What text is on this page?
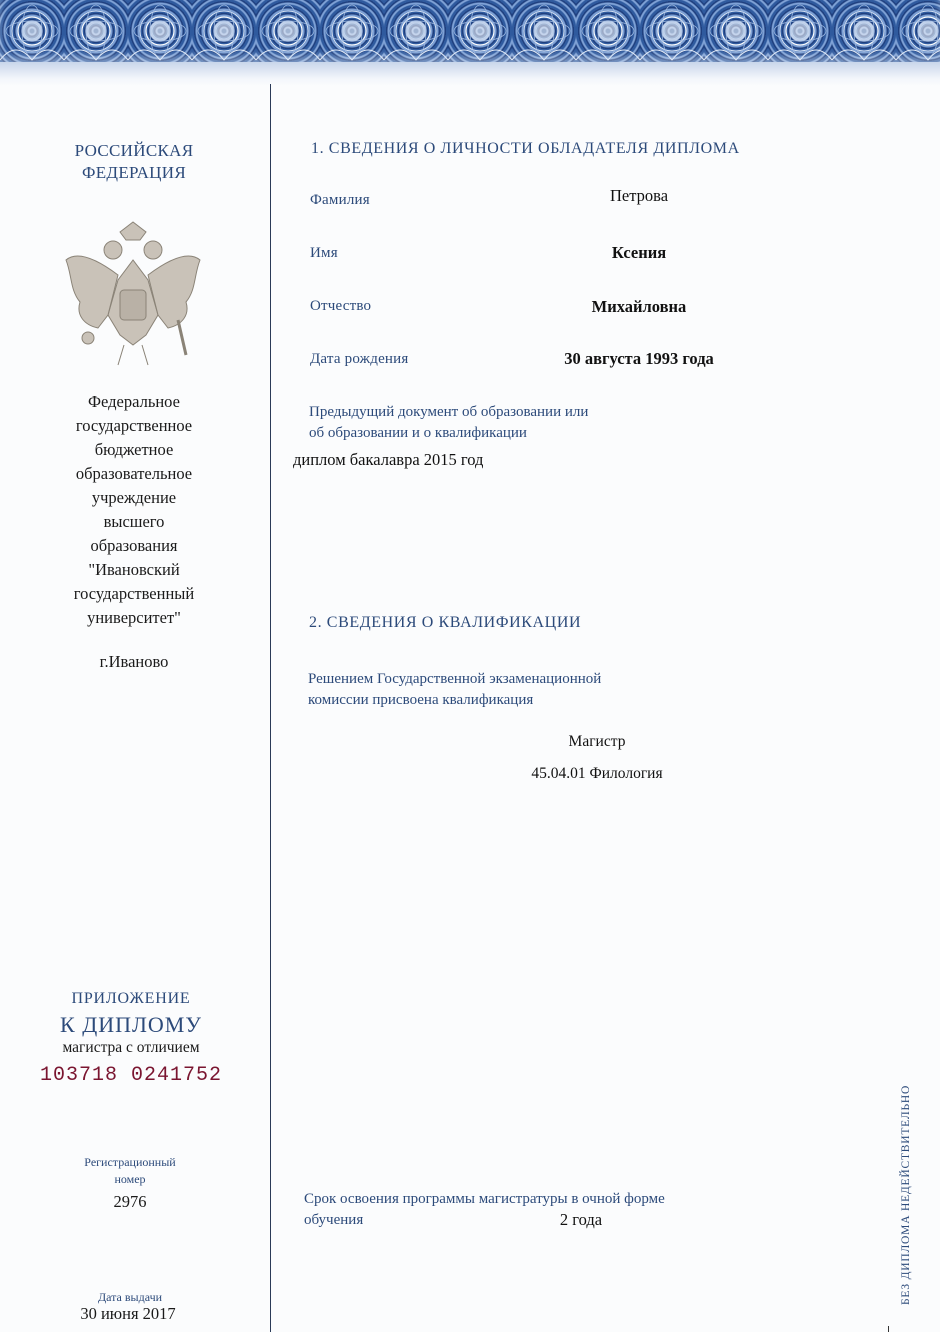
РОССИЙСКАЯ
ФЕДЕРАЦИЯ
Федеральное
государственное
бюджетное
образовательное
учреждение
высшего
образования
"Ивановский
государственный
университет"
г.Иваново
ПРИЛОЖЕНИЕ
К ДИПЛОМУ
магистра с отличием
103718 0241752
Регистрационный
номер
2976
Дата выдачи
30 июня 2017
1. СВЕДЕНИЯ О ЛИЧНОСТИ ОБЛАДАТЕЛЯ ДИПЛОМА
Фамилия	Петрова
Имя	Ксения
Отчество	Михайловна
Дата рождения	30 августа 1993 года
Предыдущий документ об образовании или
об образовании и о квалификации
диплом бакалавра 2015 год
2. СВЕДЕНИЯ О КВАЛИФИКАЦИИ
Решением Государственной экзаменационной
комиссии присвоена квалификация
Магистр
45.04.01 Филология
Срок освоения программы магистратуры в очной форме
обучения	2 года	БЕЗ ДИПЛОМА НЕДЕЙСТВИТЕЛЬНО
